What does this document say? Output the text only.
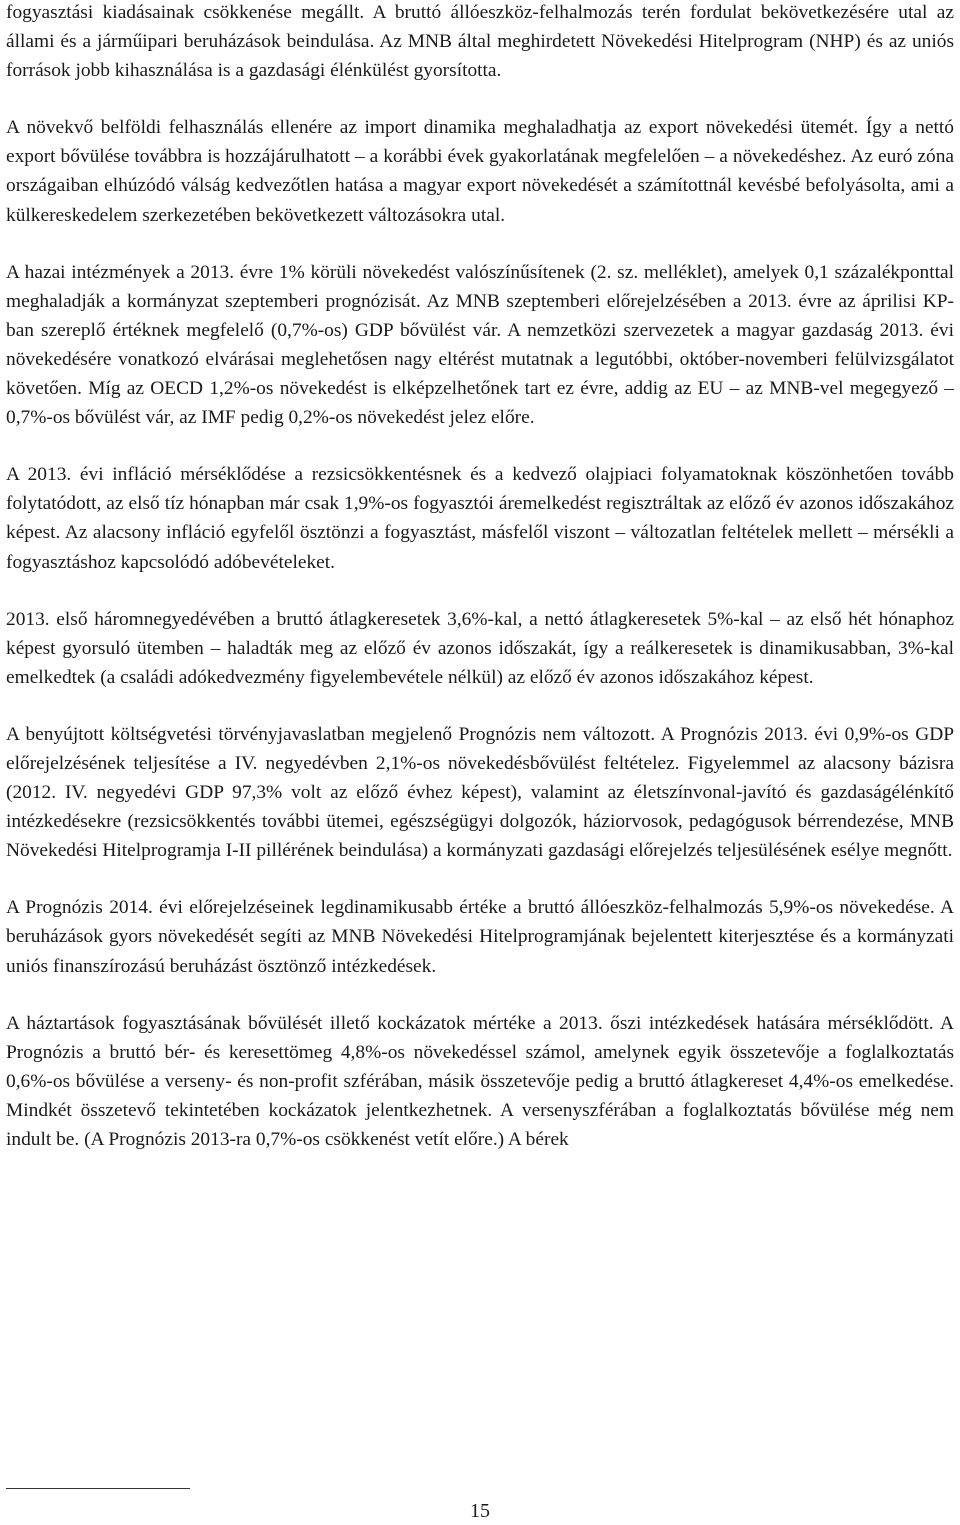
fogyasztási kiadásainak csökkenése megállt. A bruttó állóeszköz-felhalmozás terén fordulat bekövetkezésére utal az állami és a járműipari beruházások beindulása. Az MNB által meghirdetett Növekedési Hitelprogram (NHP) és az uniós források jobb kihasználása is a gazdasági élénkülést gyorsította.

A növekvő belföldi felhasználás ellenére az import dinamika meghaladhatja az export növekedési ütemét. Így a nettó export bővülése továbbra is hozzájárulhatott – a korábbi évek gyakorlatának megfelelően – a növekedéshez. Az euró zóna országaiban elhúzódó válság kedvezőtlen hatása a magyar export növekedését a számítottnál kevésbé befolyásolta, ami a külkereskedelem szerkezetében bekövetkezett változásokra utal.

A hazai intézmények a 2013. évre 1% körüli növekedést valószínűsítenek (2. sz. melléklet), amelyek 0,1 százalékponttal meghaladják a kormányzat szeptemberi prognózisát. Az MNB szeptemberi előrejelzésében a 2013. évre az áprilisi KP-ban szereplő értéknek megfelelő (0,7%-os) GDP bővülést vár. A nemzetközi szervezetek a magyar gazdaság 2013. évi növekedésére vonatkozó elvárásai meglehetősen nagy eltérést mutatnak a legutóbbi, október-novemberi felülvizsgálatot követően. Míg az OECD 1,2%-os növekedést is elképzelhetőnek tart ez évre, addig az EU – az MNB-vel megegyező – 0,7%-os bővülést vár, az IMF pedig 0,2%-os növekedést jelez előre.

A 2013. évi infláció mérséklődése a rezsicsökkentésnek és a kedvező olajpiaci folyamatoknak köszönhetően tovább folytatódott, az első tíz hónapban már csak 1,9%-os fogyasztói áremelkedést regisztráltak az előző év azonos időszakához képest. Az alacsony infláció egyfelől ösztönzi a fogyasztást, másfelől viszont – változatlan feltételek mellett – mérsékli a fogyasztáshoz kapcsolódó adóbevételeket.

2013. első háromnegyedévében a bruttó átlagkeresetek 3,6%-kal, a nettó átlagkeresetek 5%-kal – az első hét hónaphoz képest gyorsuló ütemben – haladták meg az előző év azonos időszakát, így a reálkeresetek is dinamikusabban, 3%-kal emelkedtek (a családi adókedvezmény figyelembevétele nélkül) az előző év azonos időszakához képest.

A benyújtott költségvetési törvényjavaslatban megjelenő Prognózis nem változott. A Prognózis 2013. évi 0,9%-os GDP előrejelzésének teljesítése a IV. negyedévben 2,1%-os növekedésbővülést feltételez. Figyelemmel az alacsony bázisra (2012. IV. negyedévi GDP 97,3% volt az előző évhez képest), valamint az életszínvonal-javító és gazdaságélénkítő intézkedésekre (rezsicsökkentés további ütemei, egészségügyi dolgozók, háziorvosok, pedagógusok bérrendezése, MNB Növekedési Hitelprogramja I-II pillérének beindulása) a kormányzati gazdasági előrejelzés teljesülésének esélye megnőtt.

A Prognózis 2014. évi előrejelzéseinek legdinamikusabb értéke a bruttó állóeszköz-felhalmozás 5,9%-os növekedése. A beruházások gyors növekedését segíti az MNB Növekedési Hitelprogramjának bejelentett kiterjesztése és a kormányzati uniós finanszírozású beruházást ösztönző intézkedések.

A háztartások fogyasztásának bővülését illető kockázatok mértéke a 2013. őszi intézkedések hatására mérséklődött. A Prognózis a bruttó bér- és keresettömeg 4,8%-os növekedéssel számol, amelynek egyik összetevője a foglalkoztatás 0,6%-os bővülése a verseny- és non-profit szférában, másik összetevője pedig a bruttó átlagkereset 4,4%-os emelkedése. Mindkét összetevő tekintetében kockázatok jelentkezhetnek. A versenyszférában a foglalkoztatás bővülése még nem indult be. (A Prognózis 2013-ra 0,7%-os csökkenést vetít előre.) A bérek

15
